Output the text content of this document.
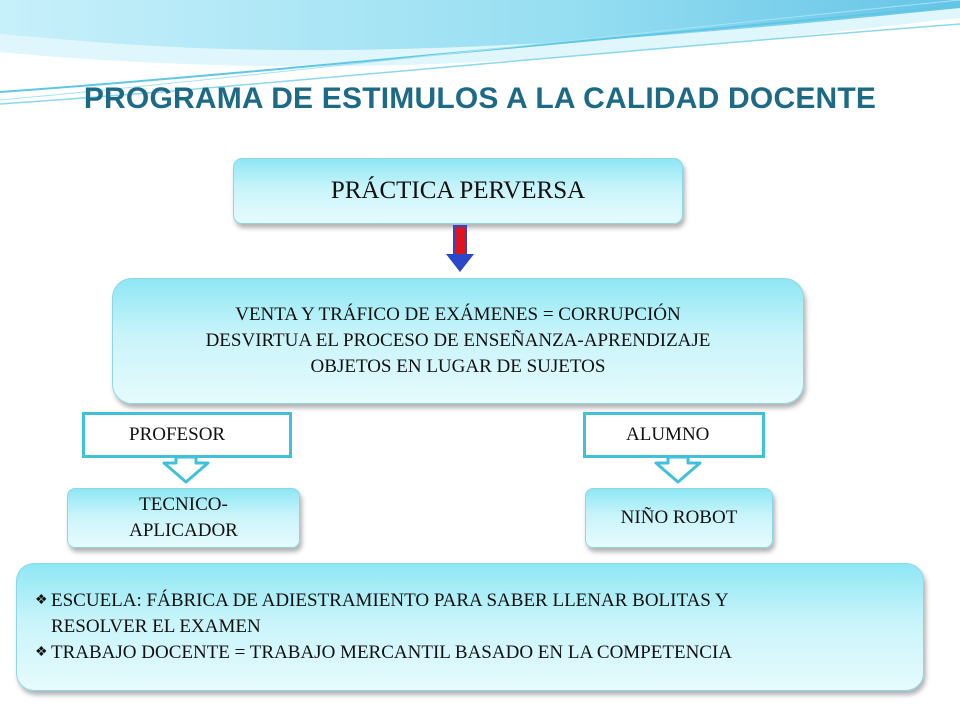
PROGRAMA DE ESTIMULOS A LA CALIDAD DOCENTE
PRÁCTICA PERVERSA
VENTA Y TRÁFICO DE EXÁMENES = CORRUPCIÓN
DESVIRTUA EL PROCESO DE ENSEÑANZA-APRENDIZAJE
OBJETOS EN LUGAR DE SUJETOS
PROFESOR	ALUMNO
TECNICO-
APLICADOR
NIÑO ROBOT
❖ ESCUELA: FÁBRICA DE ADIESTRAMIENTO PARA SABER LLENAR BOLITAS Y
RESOLVER EL EXAMEN
❖ TRABAJO DOCENTE = TRABAJO MERCANTIL BASADO EN LA COMPETENCIA
